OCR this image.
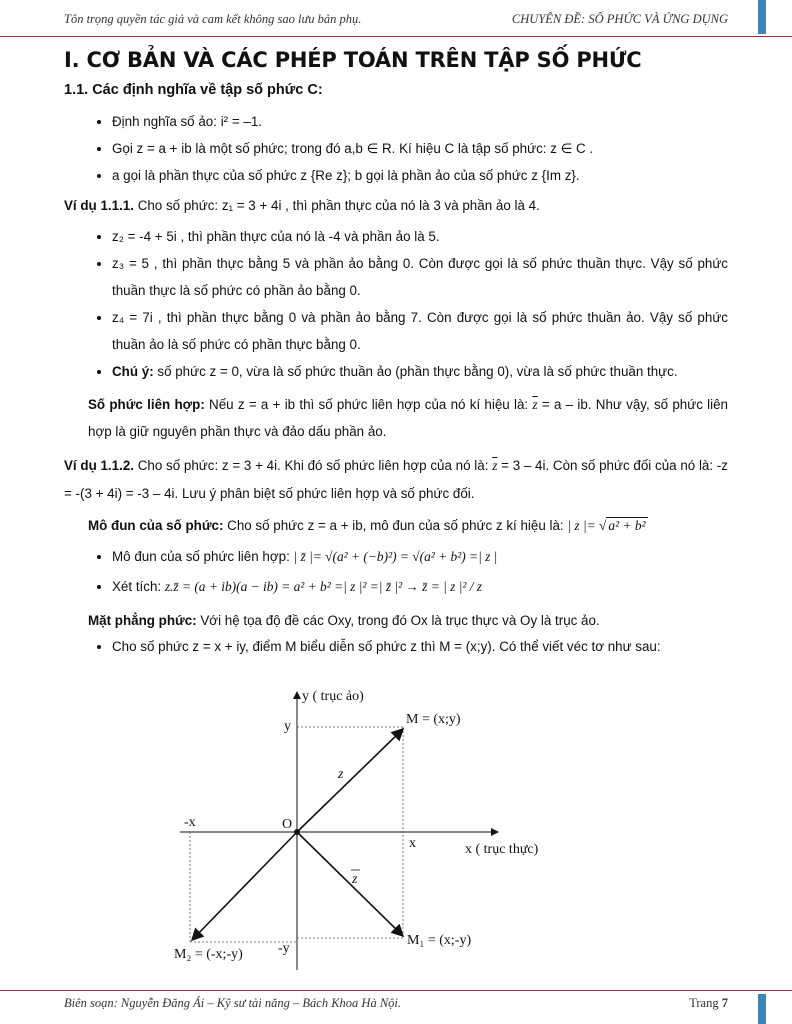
Tôn trọng quyền tác giả và cam kết không sao lưu bản phụ.	CHUYÊN ĐỀ: SỐ PHỨC VÀ ỨNG DỤNG
I. CƠ BẢN VÀ CÁC PHÉP TOÁN TRÊN TẬP SỐ PHỨC
1.1. Các định nghĩa về tập số phức C:
• Định nghĩa số ảo: i² = –1.
• Gọi z = a + ib là một số phức; trong đó a,b ∈ R. Kí hiệu C là tập số phức: z ∈ C .
• a gọi là phần thực của số phức z {Re z}; b gọi là phần ảo của số phức z {Im z}.

Ví dụ 1.1.1. Cho số phức: z₁ = 3 + 4i , thì phần thực của nó là 3 và phần ảo là 4.

• z₂ = -4 + 5i , thì phần thực của nó là -4 và phần ảo là 5.
• z₃ = 5 , thì phần thực bằng 5 và phần ảo bằng 0. Còn được gọi là số phức thuần thực. Vậy số phức thuần thực là số phức có phần ảo bằng 0.
• z₄ = 7i , thì phần thực bằng 0 và phần ảo bằng 7. Còn được gọi là số phức thuần ảo. Vậy số phức thuần ảo là số phức có phần thực bằng 0.
• Chú ý: số phức z = 0, vừa là số phức thuần ảo (phần thực bằng 0), vừa là số phức thuần thực.

Số phức liên hợp: Nếu z = a + ib thì số phức liên hợp của nó kí hiệu là: $\overline{z} = a$ – ib. Như vậy, số phức liên hợp là giữ nguyên phần thực và đảo dấu phần ảo.

Ví dụ 1.1.2. Cho số phức: z = 3 + 4i. Khi đó số phức liên hợp của nó là: $\overline{z} = 3 - 4i$. Còn số phức đối của nó là: -z = -(3 + 4i) = -3 – 4i. Lưu ý phân biệt số phức liên hợp và số phức đối.

Mô đun của số phức: Cho số phức z = a + ib, mô đun của số phức z kí hiệu là: | z |= √ a² + b²

• Mô đun của số phức liên hợp: | z̄ |= √(a² + (−b)²) = √(a² + b²) =| z |
• Xét tích: z.z̄ = (a + ib)(a − ib) = a² + b² =| z |² =| z̄ |² → z̄ = | z |² / z

Mặt phẳng phức: Với hệ tọa độ đề các Oxy, trong đó Ox là trục thực và Oy là trục ảo.

• Cho số phức z = x + iy, điểm M biểu diễn số phức z thì M = (x;y). Có thể viết véc tơ như sau:
y ( trục ảo)
x ( trục thực)
O
y
-y
x
-x
M = (x;y)
M₁ = (x;-y)
M₂ = (-x;-y)
z
z
Biên soạn: Nguyễn Đăng Ái – Kỹ sư tài năng – Bách Khoa Hà Nội.	Trang 7
